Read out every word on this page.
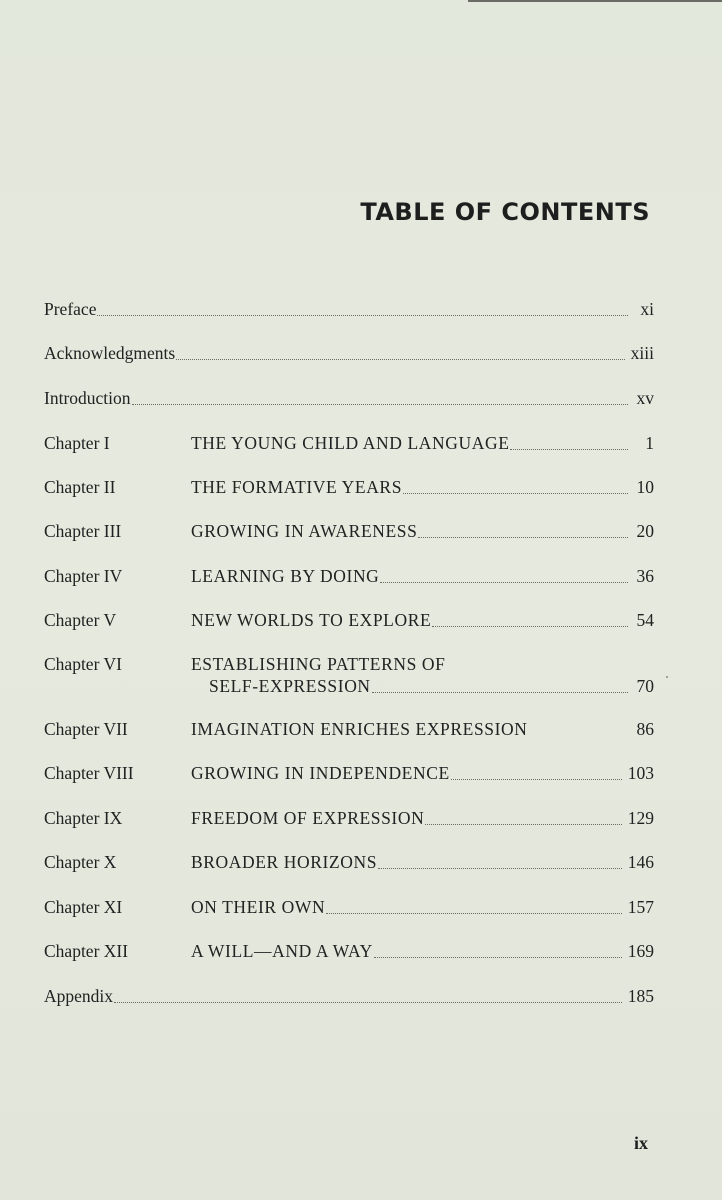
TABLE OF CONTENTS
Preface	xi
Acknowledgments	xiii
Introduction	xv
Chapter I	THE YOUNG CHILD AND LANGUAGE	1
Chapter II	THE FORMATIVE YEARS	10
Chapter III	GROWING IN AWARENESS	20
Chapter IV	LEARNING BY DOING	36
Chapter V	NEW WORLDS TO EXPLORE	54
Chapter VI	ESTABLISHING PATTERNS OF
SELF-EXPRESSION	70
Chapter VII	IMAGINATION ENRICHES EXPRESSION	86
Chapter VIII	GROWING IN INDEPENDENCE	103
Chapter IX	FREEDOM OF EXPRESSION	129
Chapter X	BROADER HORIZONS	146
Chapter XI	ON THEIR OWN	157
Chapter XII	A WILL—AND A WAY	169
Appendix	185
ix
